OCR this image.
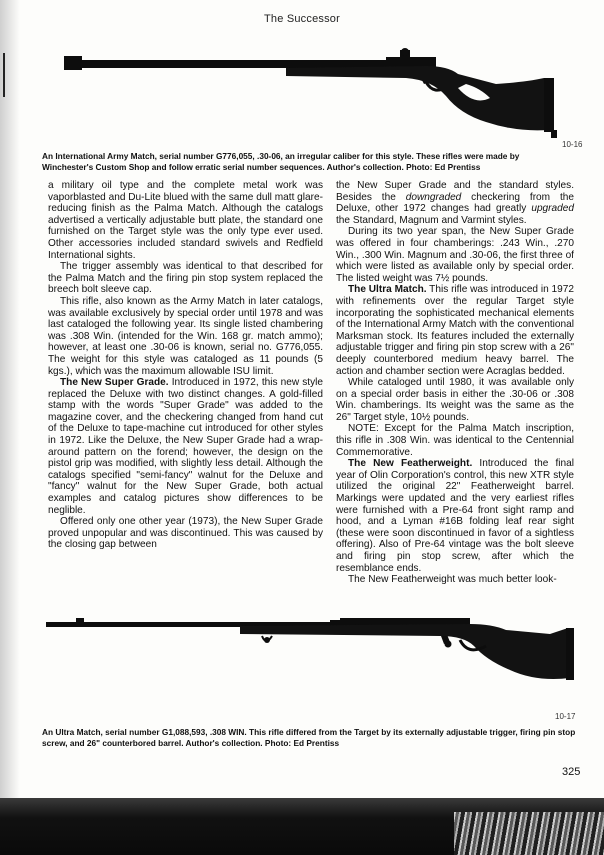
The Successor
10-16
An International Army Match, serial number G776,055, .30-06, an irregular caliber for this style. These rifles were made by Winchester's Custom Shop and follow erratic serial number sequences. Author's collection. Photo: Ed Prentiss

a military oil type and the complete metal work was vaporblasted and Du-Lite blued with the same dull matt glare-reducing finish as the Palma Match. Although the catalogs advertised a vertically adjustable butt plate, the standard one furnished on the Target style was the only type ever used. Other accessories included standard swivels and Redfield International sights.

The trigger assembly was identical to that described for the Palma Match and the firing pin stop system replaced the breech bolt sleeve cap.

This rifle, also known as the Army Match in later catalogs, was available exclusively by special order until 1978 and was last cataloged the following year. Its single listed chambering was .308 Win. (intended for the Win. 168 gr. match ammo); however, at least one .30-06 is known, serial no. G776,055. The weight for this style was cataloged as 11 pounds (5 kgs.), which was the maximum allowable ISU limit.

The New Super Grade. Introduced in 1972, this new style replaced the Deluxe with two distinct changes. A gold-filled stamp with the words "Super Grade" was added to the magazine cover, and the checkering changed from hand cut of the Deluxe to tape-machine cut introduced for other styles in 1972. Like the Deluxe, the New Super Grade had a wrap-around pattern on the forend; however, the design on the pistol grip was modified, with slightly less detail. Although the catalogs specified "semi-fancy" walnut for the Deluxe and "fancy" walnut for the New Super Grade, both actual examples and catalog pictures show differences to be neglible.

Offered only one other year (1973), the New Super Grade proved unpopular and was discontinued. This was caused by the closing gap between

the New Super Grade and the standard styles. Besides the downgraded checkering from the Deluxe, other 1972 changes had greatly upgraded the Standard, Magnum and Varmint styles.

During its two year span, the New Super Grade was offered in four chamberings: .243 Win., .270 Win., .300 Win. Magnum and .30-06, the first three of which were listed as available only by special order. The listed weight was 7½ pounds.

The Ultra Match. This rifle was introduced in 1972 with refinements over the regular Target style incorporating the sophisticated mechanical elements of the International Army Match with the conventional Marksman stock. Its features included the externally adjustable trigger and firing pin stop screw with a 26" deeply counterbored medium heavy barrel. The action and chamber section were Acraglas bedded.

While cataloged until 1980, it was available only on a special order basis in either the .30-06 or .308 Win. chamberings. Its weight was the same as the 26" Target style, 10½ pounds.

NOTE: Except for the Palma Match inscription, this rifle in .308 Win. was identical to the Centennial Commemorative.

The New Featherweight. Introduced the final year of Olin Corporation's control, this new XTR style utilized the original 22" Featherweight barrel. Markings were updated and the very earliest rifles were furnished with a Pre-64 front sight ramp and hood, and a Lyman #16B folding leaf rear sight (these were soon discontinued in favor of a sightless offering). Also of Pre-64 vintage was the bolt sleeve and firing pin stop screw, after which the resemblance ends.

The New Featherweight was much better look-

10-17
An Ultra Match, serial number G1,088,593, .308 WIN. This rifle differed from the Target by its externally adjustable trigger, firing pin stop screw, and 26" counterbored barrel. Author's collection. Photo: Ed Prentiss
325
